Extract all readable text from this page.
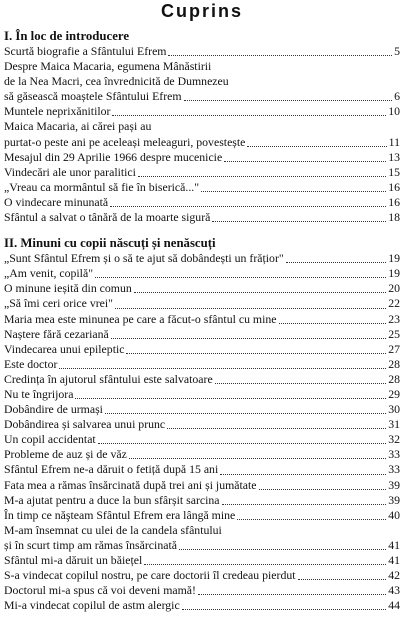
Cuprins
I. În loc de introducere
Scurtă biografie a Sfântului Efrem	5
Despre Maica Macaria, egumena Mânăstirii
de la Nea Macri, cea învrednicită de Dumnezeu
să găsească moaștele Sfântului Efrem	6
Muntele nepriхănitilor	10
Maica Macaria, ai cărei pași au
purtat-o peste ani pe aceleași meleaguri, povestește	11
Mesajul din 29 Aprilie 1966 despre mucenicie	13
Vindecări ale unor paralitici	15
„Vreau ca mormântul să fie în biserică..."	16
O vindecare minunată	16
Sfântul a salvat o tânără de la moarte sigură	18
II. Minuni cu copii născuți și nenăscuți
„Sunt Sfântul Efrem și o să te ajut să dobândești un frățior"	19
„Am venit, copilă"	19
O minune ieșită din comun	20
„Să îmi ceri orice vrei"	22
Maria mea este minunea pe care a făcut-o sfântul cu mine	23
Naștere fără cezariană	25
Vindecarea unui epileptic	27
Este doctor	28
Credința în ajutorul sfântului este salvatoare	28
Nu te îngrijora	29
Dobândire de urmași	30
Dobândirea și salvarea unui prunc	31
Un copil accidentat	32
Probleme de auz și de văz	33
Sfântul Efrem ne-a dăruit o fetiță după 15 ani	33
Fata mea a rămas însărcinată după trei ani și jumătate	39
M-a ajutat pentru a duce la bun sfârșit sarcina	39
În timp ce năşteam Sfântul Efrem era lângă mine	40
M-am însemnat cu ulei de la candela sfântului
și în scurt timp am rămas însărcinată	41
Sfântul mi-a dăruit un băiețel	41
S-a vindecat copilul nostru, pe care doctorii îl credeau pierdut	42
Doctorul mi-a spus că voi deveni mamă!	43
Mi-a vindecat copilul de astm alergic	44
